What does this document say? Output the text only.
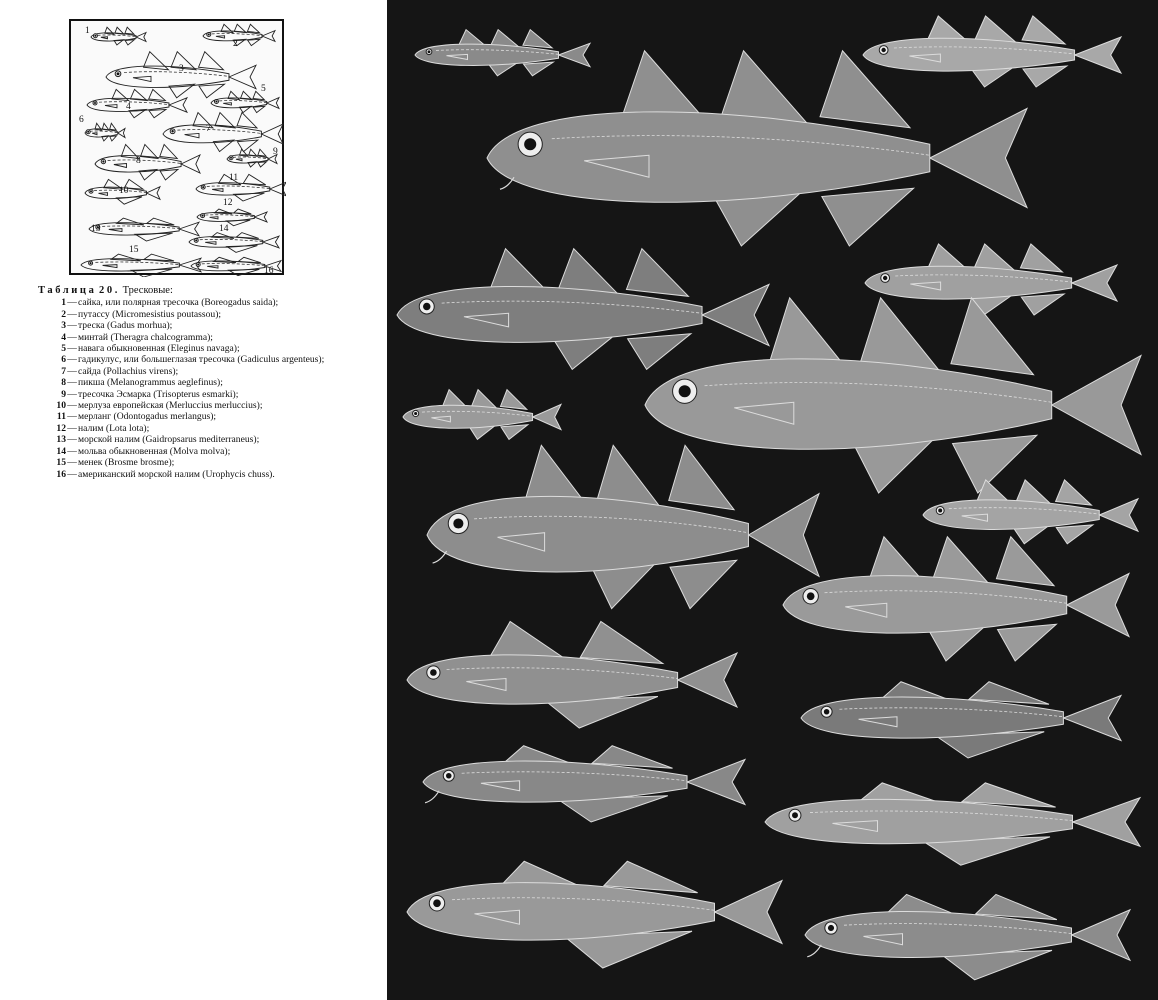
1
2
3
4
5
6
7
8
9
10
11
12
13	14
15
16
Таблица 20. Тресковые:
1 — сайка, или полярная тресочка (Boreogadus saida);
2 — путассу (Micromesistius poutassou);
3 — треска (Gadus morhua);
4 — минтай (Theragra chalcogramma);
5 — навага обыкновенная (Eleginus navaga);
6 — гадикулус, или большеглазая тресочка (Gadiculus argenteus);
7 — сайда (Pollachius virens);
8 — пикша (Melanogrammus aeglefinus);
9 — тресочка Эсмарка (Trisopterus esmarki);
10 — мерлуза европейская (Merluccius merluccius);
11 — мерланг (Odontogadus merlangus);
12 — налим (Lota lota);
13 — морской налим (Gaidropsarus mediterraneus);
14 — мольва обыкновенная (Molva molva);
15 — менек (Brosme brosme);
16 — американский морской налим (Urophycis chuss).
